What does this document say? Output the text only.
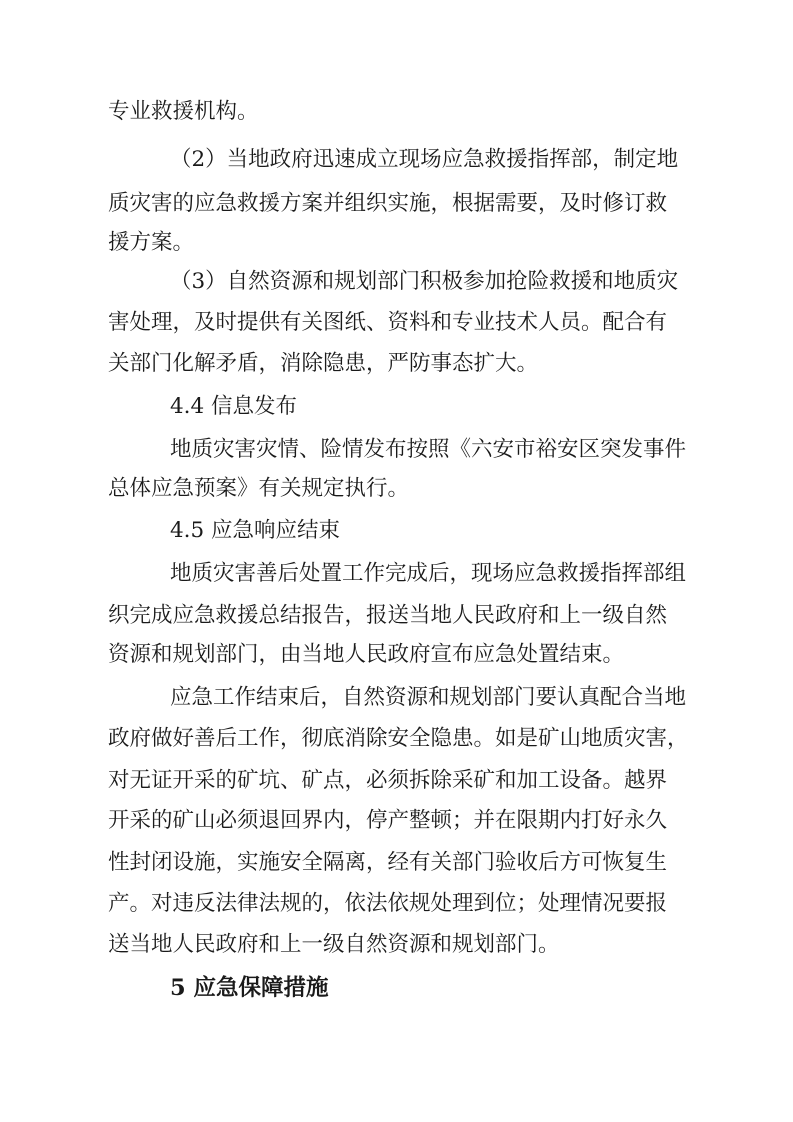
专业救援机构。

（2）当地政府迅速成立现场应急救援指挥部，制定地

质灾害的应急救援方案并组织实施，根据需要，及时修订救

援方案。

（3）自然资源和规划部门积极参加抢险救援和地质灾

害处理，及时提供有关图纸、资料和专业技术人员。配合有

关部门化解矛盾，消除隐患，严防事态扩大。

4.4 信息发布

地质灾害灾情、险情发布按照《六安市裕安区突发事件

总体应急预案》有关规定执行。

4.5 应急响应结束

地质灾害善后处置工作完成后，现场应急救援指挥部组

织完成应急救援总结报告，报送当地人民政府和上一级自然

资源和规划部门，由当地人民政府宣布应急处置结束。

应急工作结束后，自然资源和规划部门要认真配合当地

政府做好善后工作，彻底消除安全隐患。如是矿山地质灾害，

对无证开采的矿坑、矿点，必须拆除采矿和加工设备。越界

开采的矿山必须退回界内，停产整顿；并在限期内打好永久

性封闭设施，实施安全隔离，经有关部门验收后方可恢复生

产。对违反法律法规的，依法依规处理到位；处理情况要报

送当地人民政府和上一级自然资源和规划部门。

5 应急保障措施
